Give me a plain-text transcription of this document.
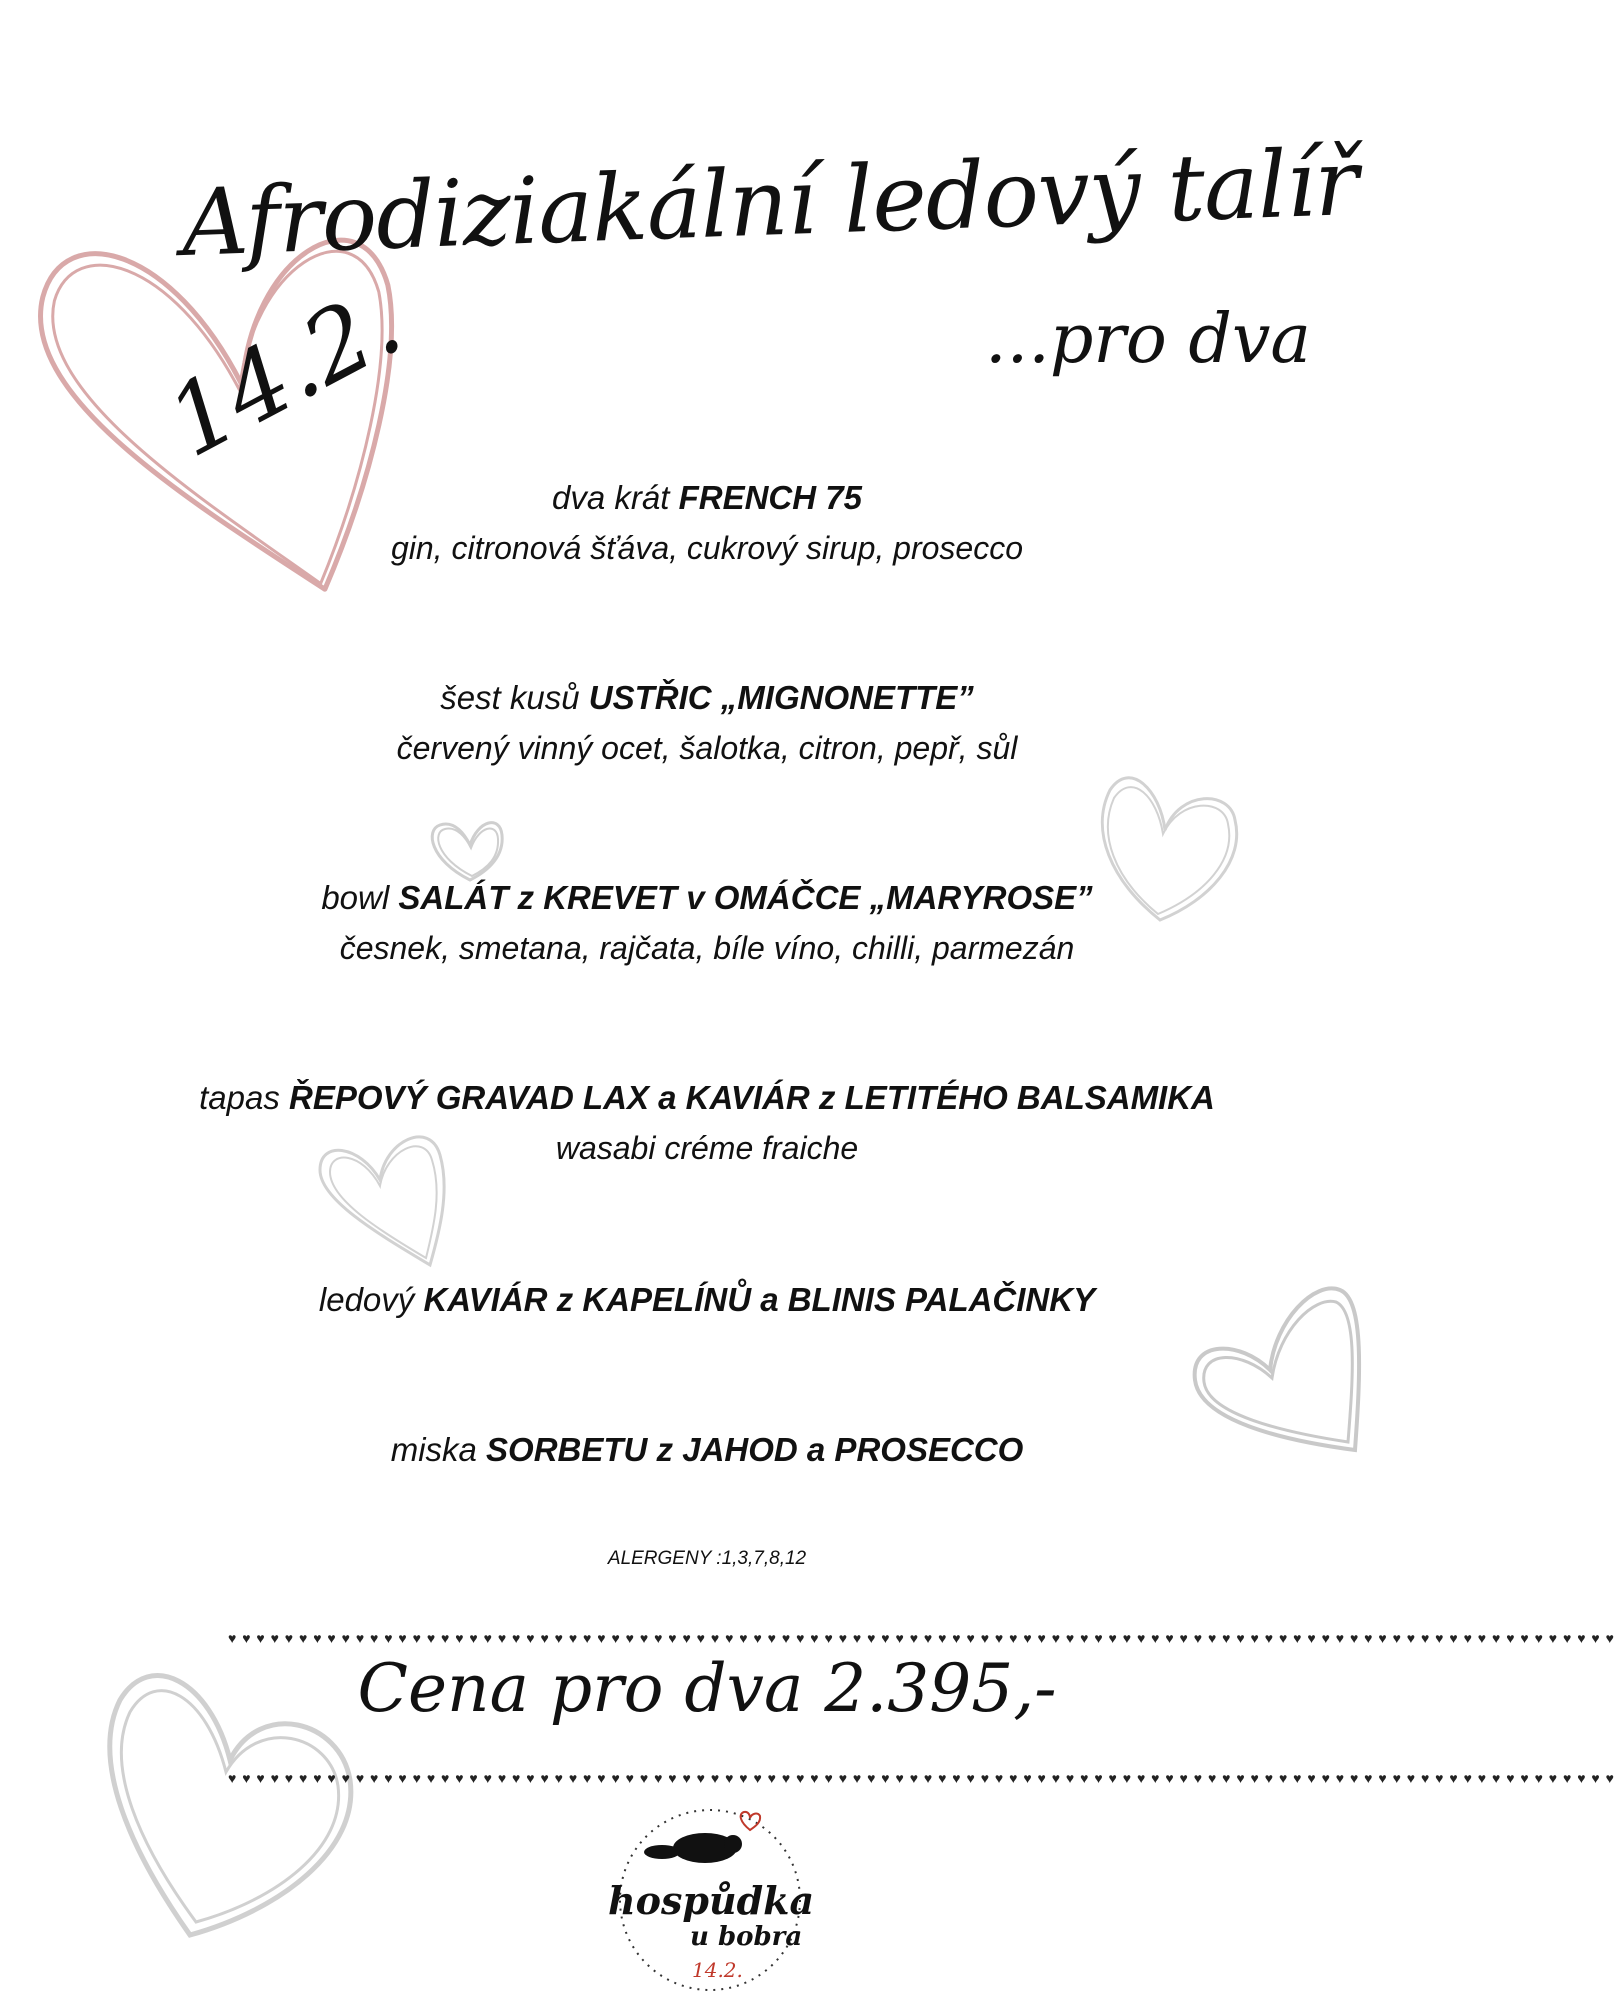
Afrodiziakální ledový talíř
...pro dva
14.2.
dva krát FRENCH 75
gin, citronová šťáva, cukrový sirup, prosecco
šest kusů USTŘIC „MIGNONETTE”
červený vinný ocet, šalotka, citron, pepř, sůl
bowl SALÁT z KREVET v OMÁČCE „MARYROSE”
česnek, smetana, rajčata, bíle víno, chilli, parmezán
tapas ŘEPOVÝ GRAVAD LAX a KAVIÁR z LETITÉHO BALSAMIKA
wasabi créme fraiche
ledový KAVIÁR z KAPELÍNŮ a BLINIS PALAČINKY
miska SORBETU z JAHOD a PROSECCO
ALERGENY :1,3,7,8,12
♥ ♥ ♥ ♥ ♥ ♥ ♥ ♥ ♥ ♥ ♥ ♥ ♥ ♥ ♥ ♥ ♥ ♥ ♥ ♥ ♥ ♥ ♥ ♥ ♥ ♥ ♥ ♥ ♥ ♥ ♥ ♥ ♥ ♥ ♥ ♥ ♥ ♥ ♥ ♥ ♥ ♥ ♥ ♥ ♥ ♥ ♥ ♥ ♥ ♥ ♥ ♥ ♥ ♥ ♥ ♥ ♥ ♥ ♥ ♥ ♥ ♥ ♥ ♥ ♥ ♥ ♥ ♥ ♥ ♥ ♥ ♥ ♥ ♥ ♥ ♥ ♥ ♥ ♥ ♥ ♥ ♥ ♥ ♥ ♥ ♥ ♥ ♥ ♥ ♥ ♥ ♥ ♥ ♥ ♥ ♥ ♥ ♥
Cena pro dva 2.395,-
♥ ♥ ♥ ♥ ♥ ♥ ♥ ♥ ♥ ♥ ♥ ♥ ♥ ♥ ♥ ♥ ♥ ♥ ♥ ♥ ♥ ♥ ♥ ♥ ♥ ♥ ♥ ♥ ♥ ♥ ♥ ♥ ♥ ♥ ♥ ♥ ♥ ♥ ♥ ♥ ♥ ♥ ♥ ♥ ♥ ♥ ♥ ♥ ♥ ♥ ♥ ♥ ♥ ♥ ♥ ♥ ♥ ♥ ♥ ♥ ♥ ♥ ♥ ♥ ♥ ♥ ♥ ♥ ♥ ♥ ♥ ♥ ♥ ♥ ♥ ♥ ♥ ♥ ♥ ♥ ♥ ♥ ♥ ♥ ♥ ♥ ♥ ♥ ♥ ♥ ♥ ♥ ♥ ♥ ♥ ♥ ♥ ♥
hospůdka
u bobra
14.2.
